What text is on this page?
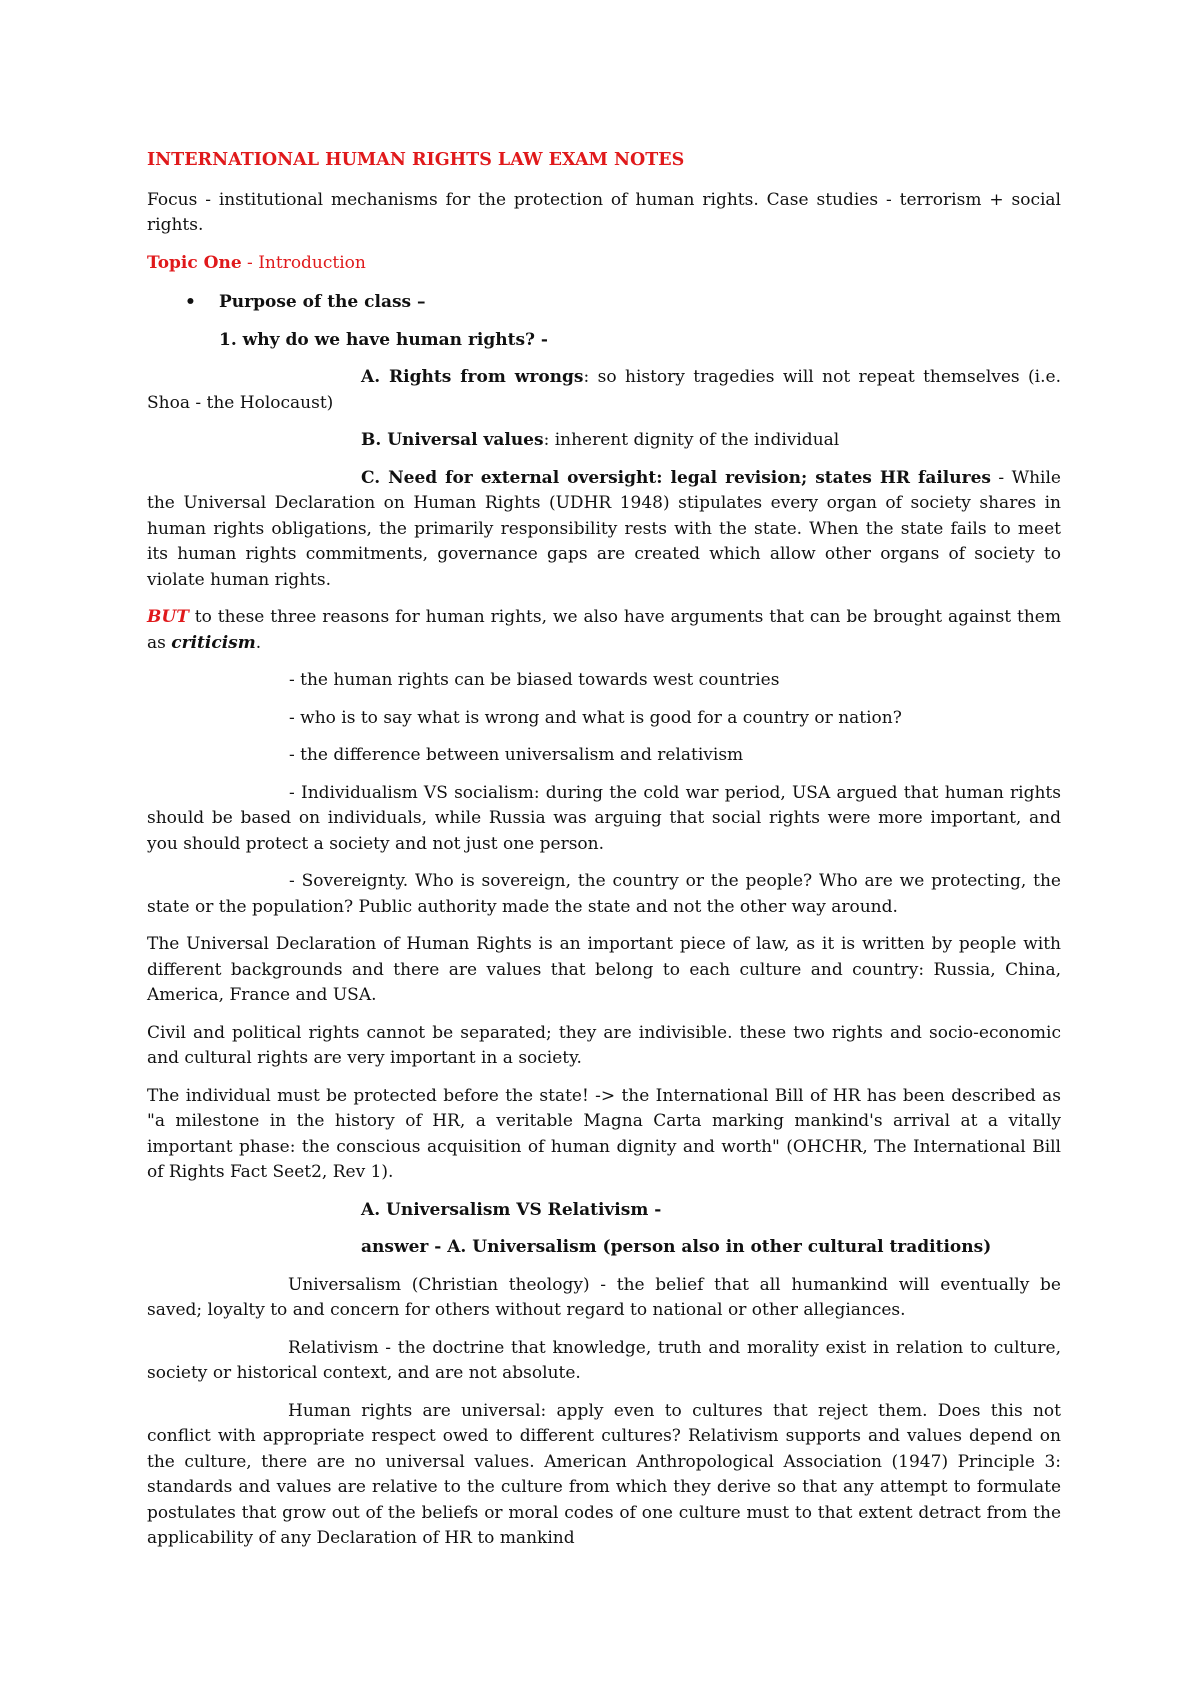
INTERNATIONAL HUMAN RIGHTS LAW EXAM NOTES

Focus - institutional mechanisms for the protection of human rights. Case studies - terrorism + social rights.

Topic One - Introduction

• Purpose of the class –

1. why do we have human rights? -

A. Rights from wrongs: so history tragedies will not repeat themselves (i.e. Shoa - the Holocaust)

B. Universal values: inherent dignity of the individual

C. Need for external oversight: legal revision; states HR failures - While the Universal Declaration on Human Rights (UDHR 1948) stipulates every organ of society shares in human rights obligations, the primarily responsibility rests with the state. When the state fails to meet its human rights commitments, governance gaps are created which allow other organs of society to violate human rights.

BUT to these three reasons for human rights, we also have arguments that can be brought against them as criticism.

- the human rights can be biased towards west countries

- who is to say what is wrong and what is good for a country or nation?

- the difference between universalism and relativism

- Individualism VS socialism: during the cold war period, USA argued that human rights should be based on individuals, while Russia was arguing that social rights were more important, and you should protect a society and not just one person.

- Sovereignty. Who is sovereign, the country or the people? Who are we protecting, the state or the population? Public authority made the state and not the other way around.

The Universal Declaration of Human Rights is an important piece of law, as it is written by people with different backgrounds and there are values that belong to each culture and country: Russia, China, America, France and USA.

Civil and political rights cannot be separated; they are indivisible. these two rights and socio-economic and cultural rights are very important in a society.

The individual must be protected before the state! -> the International Bill of HR has been described as "a milestone in the history of HR, a veritable Magna Carta marking mankind's arrival at a vitally important phase: the conscious acquisition of human dignity and worth" (OHCHR, The International Bill of Rights Fact Seet2, Rev 1).

A. Universalism VS Relativism -

answer - A. Universalism (person also in other cultural traditions)

Universalism (Christian theology) - the belief that all humankind will eventually be saved; loyalty to and concern for others without regard to national or other allegiances.

Relativism - the doctrine that knowledge, truth and morality exist in relation to culture, society or historical context, and are not absolute.

Human rights are universal: apply even to cultures that reject them. Does this not conflict with appropriate respect owed to different cultures? Relativism supports and values depend on the culture, there are no universal values. American Anthropological Association (1947) Principle 3: standards and values are relative to the culture from which they derive so that any attempt to formulate postulates that grow out of the beliefs or moral codes of one culture must to that extent detract from the applicability of any Declaration of HR to mankind
